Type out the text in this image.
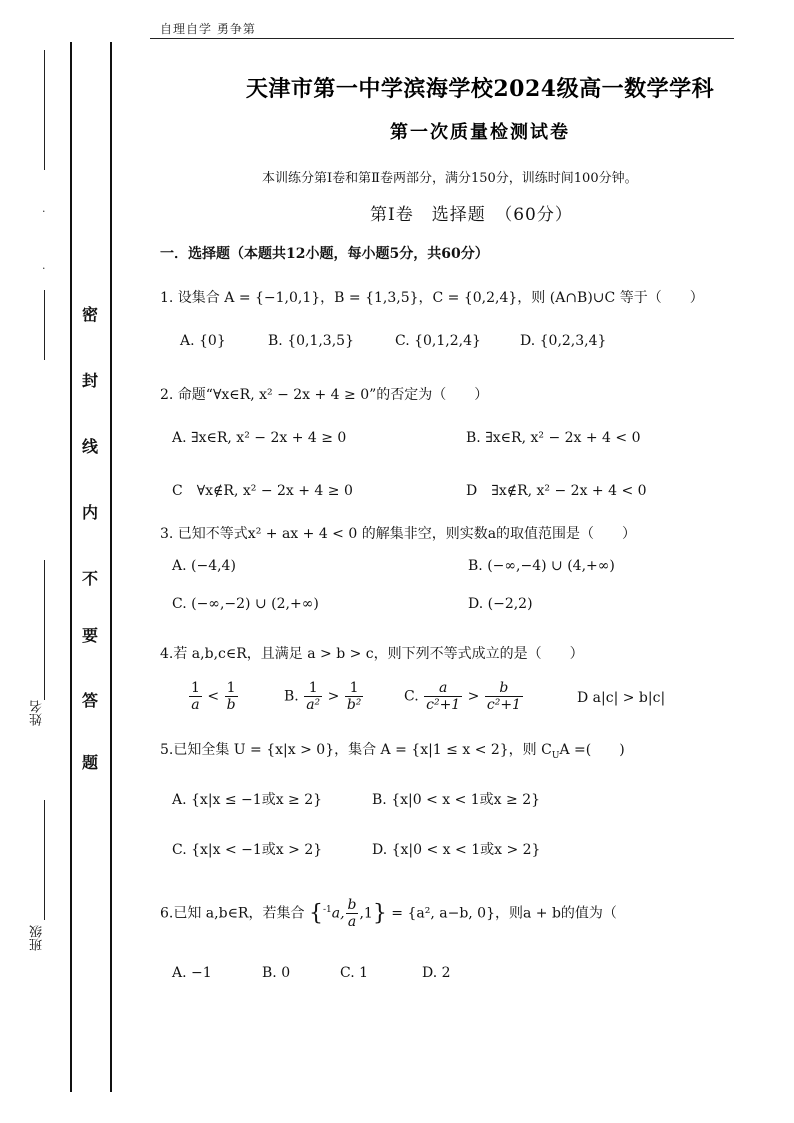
自理自学 勇争第
密
封
线
内
不
要
答
题
·
·
姓名
班级
天津市第一中学滨海学校2024级高一数学学科
第一次质量检测试卷
本训练分第Ⅰ卷和第Ⅱ卷两部分，满分150分，训练时间100分钟。
第Ⅰ卷　选择题　（60分）
一．选择题（本题共12小题，每小题5分，共60分）
1. 设集合 A = {−1,0,1}，B = {1,3,5}，C = {0,2,4}，则 (A∩B)∪C 等于（　　）
A. {0}	B. {0,1,3,5}	C. {0,1,2,4}	D. {0,2,3,4}
2. 命题“∀x∈R, x² − 2x + 4 ≥ 0”的否定为（　　）
A. ∃x∈R, x² − 2x + 4 ≥ 0	B. ∃x∈R, x² − 2x + 4 < 0
C　∀x∉R, x² − 2x + 4 ≥ 0	D　∃x∉R, x² − 2x + 4 < 0
3. 已知不等式x² + ax + 4 < 0 的解集非空，则实数a的取值范围是（　　）
A. (−4,4)	B. (−∞,−4) ∪ (4,+∞)
C. (−∞,−2) ∪ (2,+∞)	D. (−2,2)
4.若 a,b,c∈R，且满足 a > b > c，则下列不等式成立的是（　　）
$\frac{1}{a} < \frac{1}{b}$	B. $\frac{1}{\text{a²}} > \frac{1}{\text{b²}}$	C. $\frac{a}{\text{c²+1}} > \frac{b}{\text{c²+1}}$	D a|c| > b|c|
5.已知全集 U = {x|x > 0}，集合 A = {x|1 ≤ x < 2}，则 $C_UA$ =(　　)
A. {x|x ≤ −1或x ≥ 2}	B. {x|0 < x < 1或x ≥ 2}
C. {x|x < −1或x > 2}	D. {x|0 < x < 1或x > 2}
6.已知 a,b∈R，若集合 {$^{-1}$a, $\frac{b}{a} ,1\} = \{a^2$, a−b, 0}，则a + b的值为（
A. −1	B. 0	C. 1	D. 2
